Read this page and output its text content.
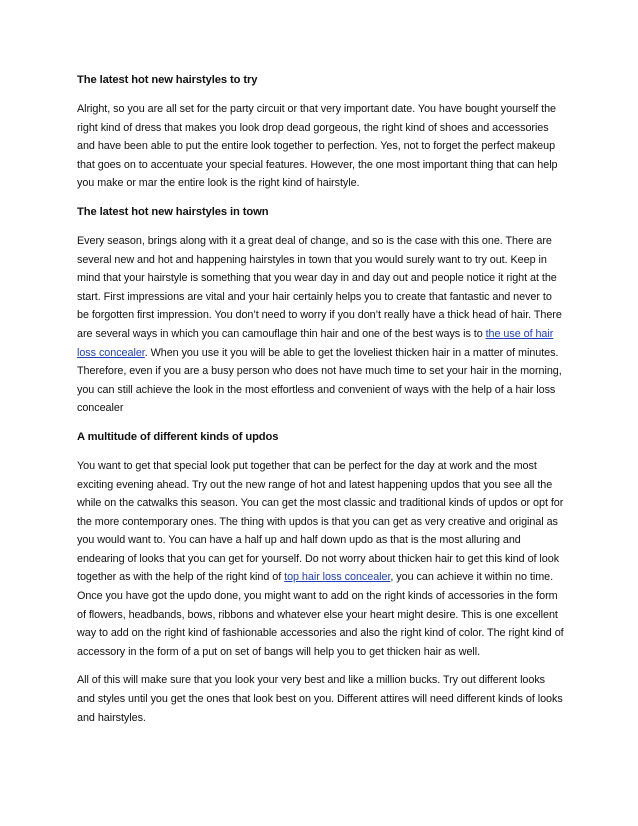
The latest hot new hairstyles to try

Alright, so you are all set for the party circuit or that very important date. You have bought yourself the right kind of dress that makes you look drop dead gorgeous, the right kind of shoes and accessories and have been able to put the entire look together to perfection. Yes, not to forget the perfect makeup that goes on to accentuate your special features. However, the one most important thing that can help you make or mar the entire look is the right kind of hairstyle.

The latest hot new hairstyles in town

Every season, brings along with it a great deal of change, and so is the case with this one. There are several new and hot and happening hairstyles in town that you would surely want to try out. Keep in mind that your hairstyle is something that you wear day in and day out and people notice it right at the start. First impressions are vital and your hair certainly helps you to create that fantastic and never to be forgotten first impression. You don’t need to worry if you don’t really have a thick head of hair. There are several ways in which you can camouflage thin hair and one of the best ways is to the use of hair loss concealer. When you use it you will be able to get the loveliest thicken hair in a matter of minutes. Therefore, even if you are a busy person who does not have much time to set your hair in the morning, you can still achieve the look in the most effortless and convenient of ways with the help of a hair loss concealer

A multitude of different kinds of updos

You want to get that special look put together that can be perfect for the day at work and the most exciting evening ahead. Try out the new range of hot and latest happening updos that you see all the while on the catwalks this season. You can get the most classic and traditional kinds of updos or opt for the more contemporary ones. The thing with updos is that you can get as very creative and original as you would want to. You can have a half up and half down updo as that is the most alluring and endearing of looks that you can get for yourself. Do not worry about thicken hair to get this kind of look together as with the help of the right kind of top hair loss concealer, you can achieve it within no time. Once you have got the updo done, you might want to add on the right kinds of accessories in the form of flowers, headbands, bows, ribbons and whatever else your heart might desire. This is one excellent way to add on the right kind of fashionable accessories and also the right kind of color. The right kind of accessory in the form of a put on set of bangs will help you to get thicken hair as well.

All of this will make sure that you look your very best and like a million bucks. Try out different looks and styles until you get the ones that look best on you. Different attires will need different kinds of looks and hairstyles.
